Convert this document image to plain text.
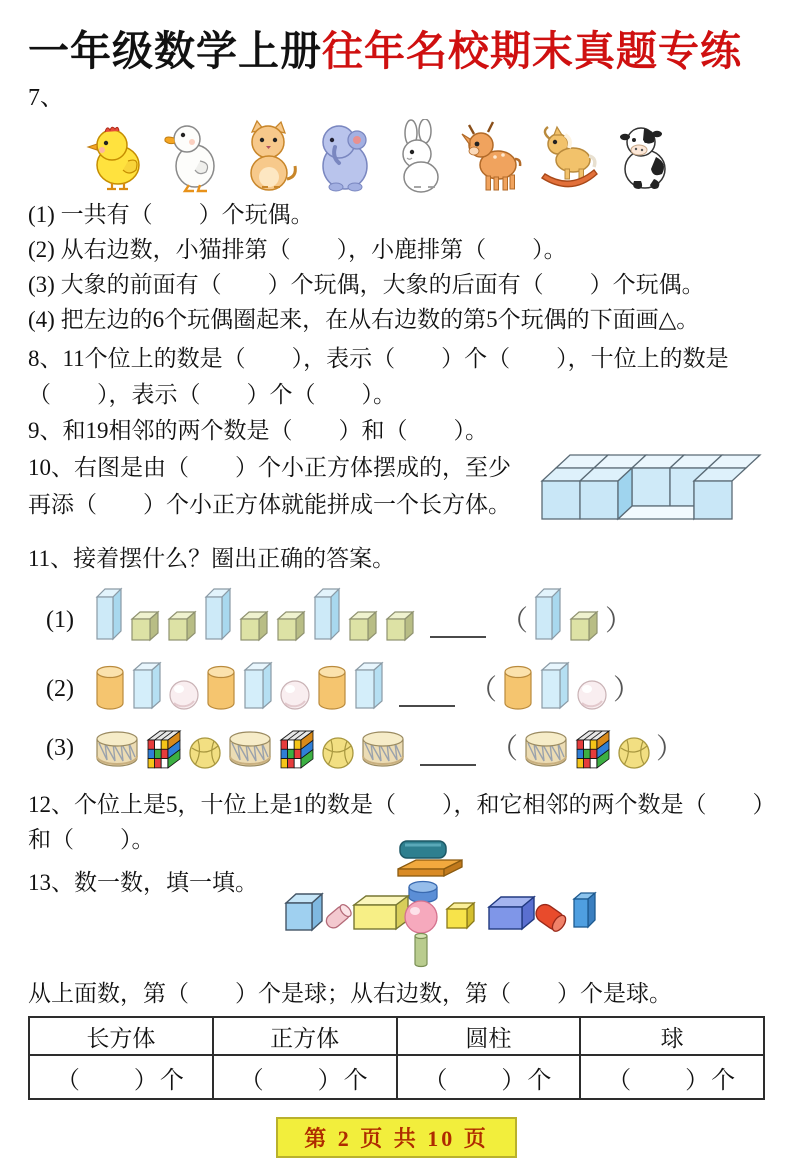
一年级数学上册往年名校期末真题专练
7、
(1) 一共有（　　）个玩偶。
(2) 从右边数，小猫排第（　　），小鹿排第（　　）。
(3) 大象的前面有（　　）个玩偶，大象的后面有（　　）个玩偶。
(4) 把左边的6个玩偶圈起来，在从右边数的第5个玩偶的下面画△。
8、11个位上的数是（　　），表示（　　）个（　　），十位上的数是（　　），表示（　　）个（　　）。
9、和19相邻的两个数是（　　）和（　　）。
10、右图是由（　　）个小正方体摆成的，至少再添（　　）个小正方体就能拼成一个长方体。
11、接着摆什么？圈出正确的答案。
(1)	（	）
(2)	（	）
(3)	（	）
12、个位上是5，十位上是1的数是（　　），和它相邻的两个数是（　　）和（　　）。
13、数一数，填一填。
从上面数，第（　　）个是球；从右边数，第（　　）个是球。
长方体	正方体	圆柱	球
（　　）个	（　　）个	（　　）个	（　　）个
第 2 页 共 10 页
